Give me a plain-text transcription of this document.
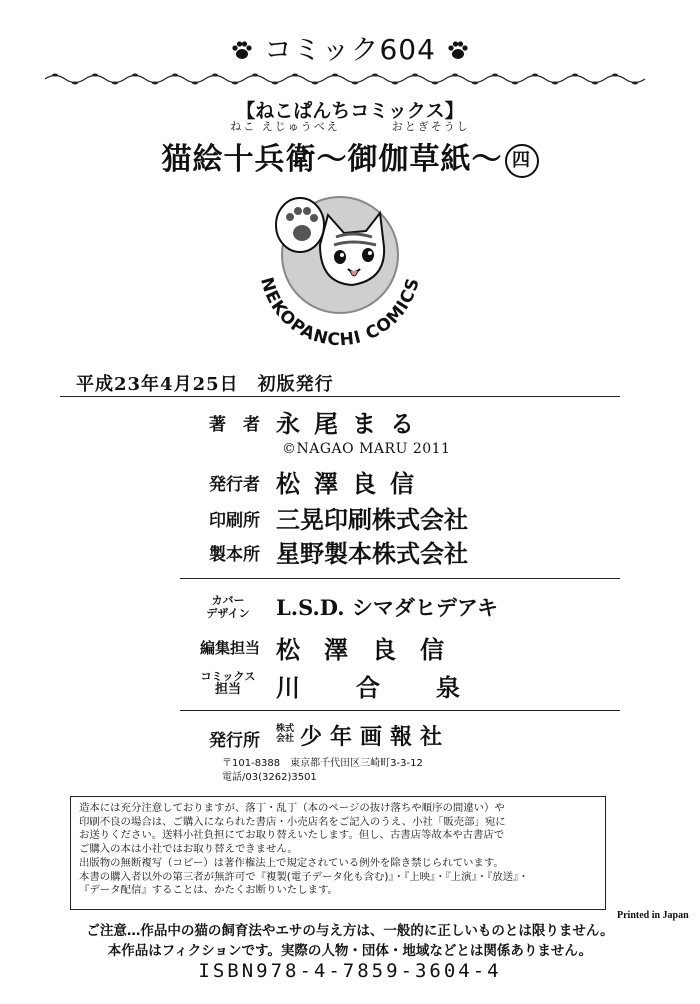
コミック604
【ねこぱんちコミックス】
ねこ えじゅうべえ　　　　おとぎそうし
猫絵十兵衛〜御伽草紙〜 四
NEKOPANCHI COMICS
平成23年4月25日　初版発行
著　者 永尾まる
©NAGAO MARU 2011
発行者 松澤良信
印刷所 三晃印刷株式会社
製本所 星野製本株式会社
カバー
デザイン	L.S.D. シマダヒデアキ
編集担当 松澤良信
コミックス
担当	川合泉
発行所
株式
会社 少年画報社
〒101-8388　東京都千代田区三崎町3-3-12
電話/03(3262)3501
造本には充分注意しておりますが、落丁・乱丁（本のページの抜け落ちや順序の間違い）や
印刷不良の場合は、ご購入になられた書店・小売店名をご記入のうえ、小社「販売部」宛に
お送りください。送料小社負担にてお取り替えいたします。但し、古書店等故本や古書店で
ご購入の本は小社ではお取り替えできません。
出版物の無断複写（コピー）は著作権法上で規定されている例外を除き禁じられています。
本書の購入者以外の第三者が無許可で『複製(電子データ化も含む)』・『上映』・『上演』・『放送』・
『データ配信』することは、かたくお断りいたします。
Printed in Japan
ご注意…作品中の猫の飼育法やエサの与え方は、一般的に正しいものとは限りません。
本作品はフィクションです。実際の人物・団体・地域などとは関係ありません。
ISBN978-4-7859-3604-4
